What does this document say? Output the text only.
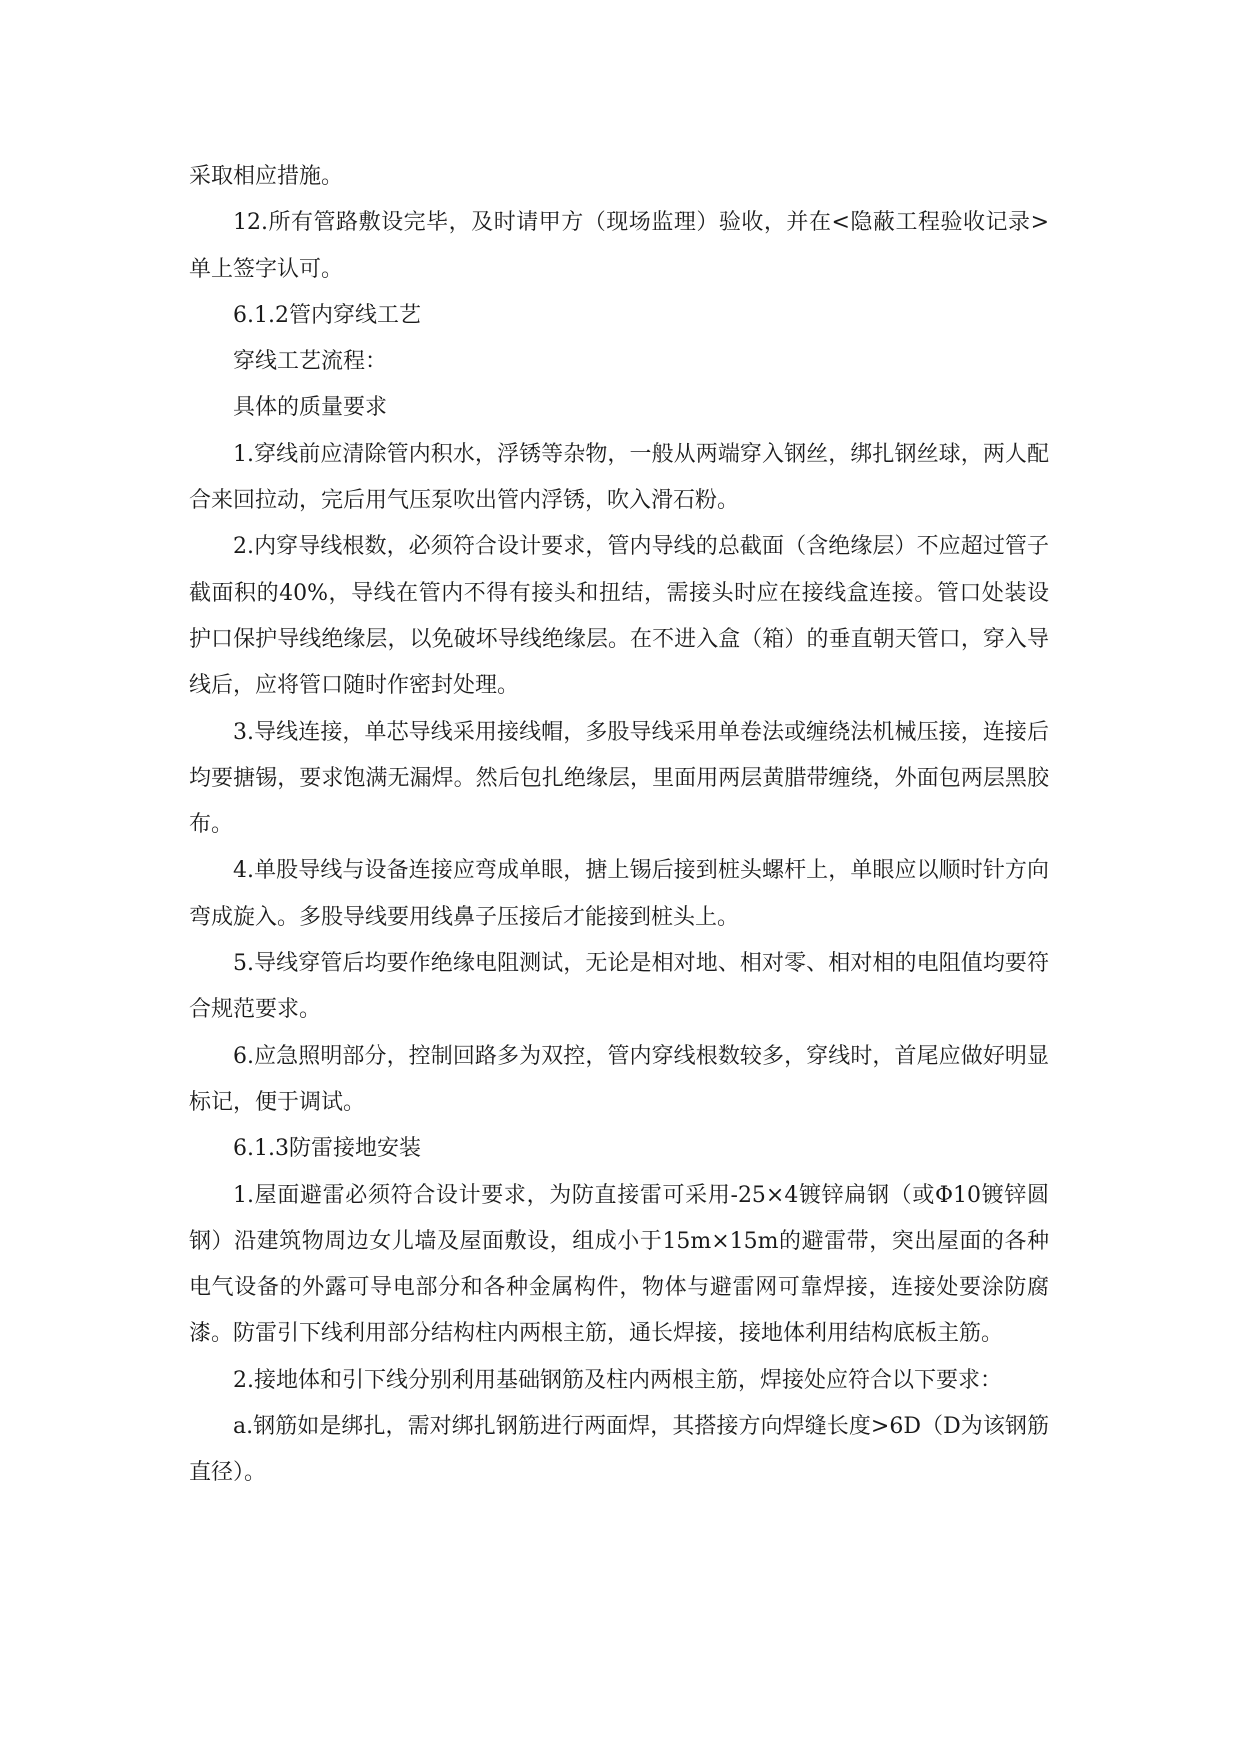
采取相应措施。

12.所有管路敷设完毕，及时请甲方（现场监理）验收，并在<隐蔽工程验收记录>单上签字认可。

6.1.2管内穿线工艺

穿线工艺流程：

具体的质量要求

1.穿线前应清除管内积水，浮锈等杂物，一般从两端穿入钢丝，绑扎钢丝球，两人配合来回拉动，完后用气压泵吹出管内浮锈，吹入滑石粉。

2.内穿导线根数，必须符合设计要求，管内导线的总截面（含绝缘层）不应超过管子截面积的40%，导线在管内不得有接头和扭结，需接头时应在接线盒连接。管口处装设护口保护导线绝缘层，以免破坏导线绝缘层。在不进入盒（箱）的垂直朝天管口，穿入导线后，应将管口随时作密封处理。

3.导线连接，单芯导线采用接线帽，多股导线采用单卷法或缠绕法机械压接，连接后均要搪锡，要求饱满无漏焊。然后包扎绝缘层，里面用两层黄腊带缠绕，外面包两层黑胶布。

4.单股导线与设备连接应弯成单眼，搪上锡后接到桩头螺杆上，单眼应以顺时针方向弯成旋入。多股导线要用线鼻子压接后才能接到桩头上。

5.导线穿管后均要作绝缘电阻测试，无论是相对地、相对零、相对相的电阻值均要符合规范要求。

6.应急照明部分，控制回路多为双控，管内穿线根数较多，穿线时，首尾应做好明显标记，便于调试。

6.1.3防雷接地安装

1.屋面避雷必须符合设计要求，为防直接雷可采用-25×4镀锌扁钢（或Φ10镀锌圆钢）沿建筑物周边女儿墙及屋面敷设，组成小于15m×15m的避雷带，突出屋面的各种电气设备的外露可导电部分和各种金属构件，物体与避雷网可靠焊接，连接处要涂防腐漆。防雷引下线利用部分结构柱内两根主筋，通长焊接，接地体利用结构底板主筋。

2.接地体和引下线分别利用基础钢筋及柱内两根主筋，焊接处应符合以下要求：

a.钢筋如是绑扎，需对绑扎钢筋进行两面焊，其搭接方向焊缝长度>6D（D为该钢筋直径）。
